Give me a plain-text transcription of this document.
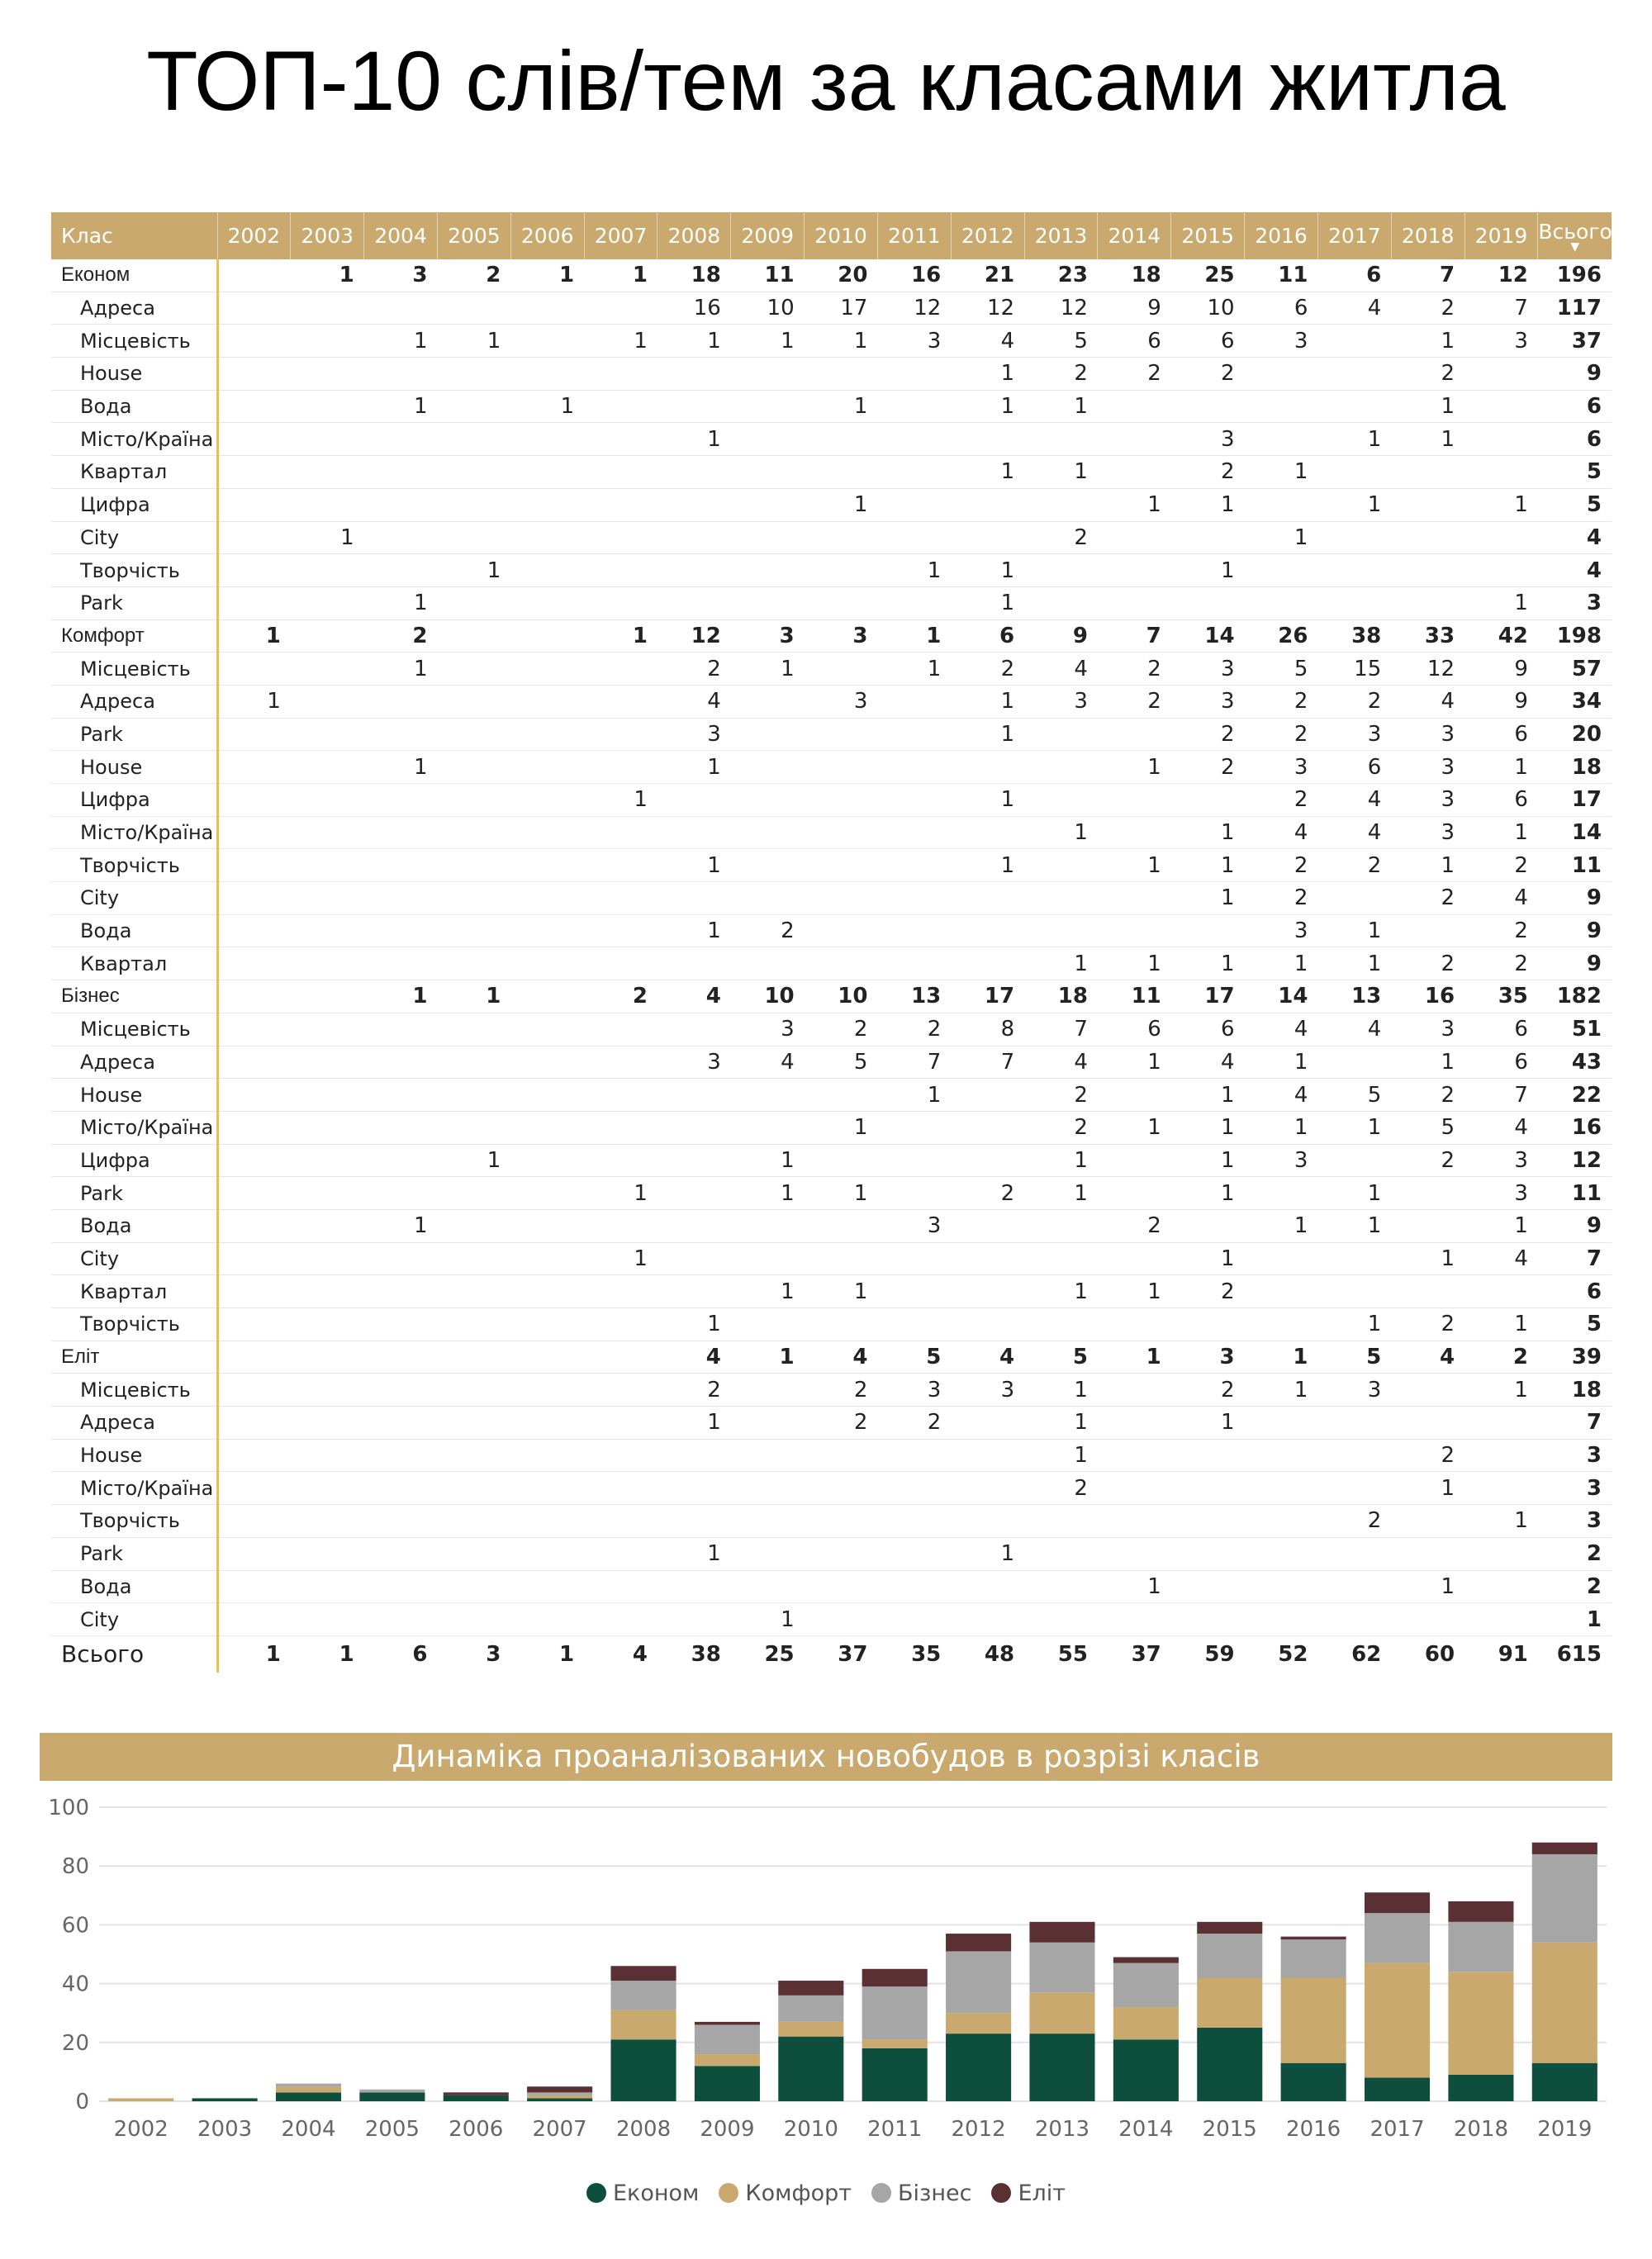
ТОП-10 слів/тем за класами житла
Клас	2002	2003	2004	2005	2006	2007	2008	2009	2010	2011	2012	2013	2014	2015	2016	2017	2018	2019	Всього
▼

Економ		1	3	2	1	1	18	11	20	16	21	23	18	25	11	6	7	12	196
Адреса							16	10	17	12	12	12	9	10	6	4	2	7	117
Місцевість			1	1		1	1	1	1	3	4	5	6	6	3		1	3	37
House											1	2	2	2			2		9
Вода			1		1				1		1	1					1		6
Місто/Країна							1							3		1	1		6
Квартал											1	1		2	1				5
Цифра									1				1	1		1		1	5
City		1										2			1				4
Творчість				1						1	1			1					4
Park			1								1							1	3
Комфорт	1		2			1	12	3	3	1	6	9	7	14	26	38	33	42	198
Місцевість			1				2	1		1	2	4	2	3	5	15	12	9	57
Адреса	1						4		3		1	3	2	3	2	2	4	9	34
Park							3				1			2	2	3	3	6	20
House			1				1						1	2	3	6	3	1	18
Цифра						1					1				2	4	3	6	17
Місто/Країна												1		1	4	4	3	1	14
Творчість							1				1		1	1	2	2	1	2	11
City														1	2		2	4	9
Вода							1	2							3	1		2	9
Квартал												1	1	1	1	1	2	2	9
Бізнес			1	1		2	4	10	10	13	17	18	11	17	14	13	16	35	182
Місцевість								3	2	2	8	7	6	6	4	4	3	6	51
Адреса							3	4	5	7	7	4	1	4	1		1	6	43
House										1		2		1	4	5	2	7	22
Місто/Країна									1			2	1	1	1	1	5	4	16
Цифра				1				1				1		1	3		2	3	12
Park						1		1	1		2	1		1		1		3	11
Вода			1							3			2		1	1		1	9
City						1								1			1	4	7
Квартал								1	1			1	1	2					6
Творчість							1									1	2	1	5
Еліт							4	1	4	5	4	5	1	3	1	5	4	2	39
Місцевість							2		2	3	3	1		2	1	3		1	18
Адреса							1		2	2		1		1					7
House												1					2		3
Місто/Країна												2					1		3
Творчість																2		1	3
Park							1				1								2
Вода													1				1		2
City								1											1
Всього	1	1	6	3	1	4	38	25	37	35	48	55	37	59	52	62	60	91	615
Динаміка проаналізованих новобудов в розрізі класів
0
20
40
60
80
100
2002 2003 2004 2005 2006 2007 2008 2009 2010 2011 2012 2013 2014 2015 2016 2017 2018 2019
Економ Комфорт Бізнес Еліт
